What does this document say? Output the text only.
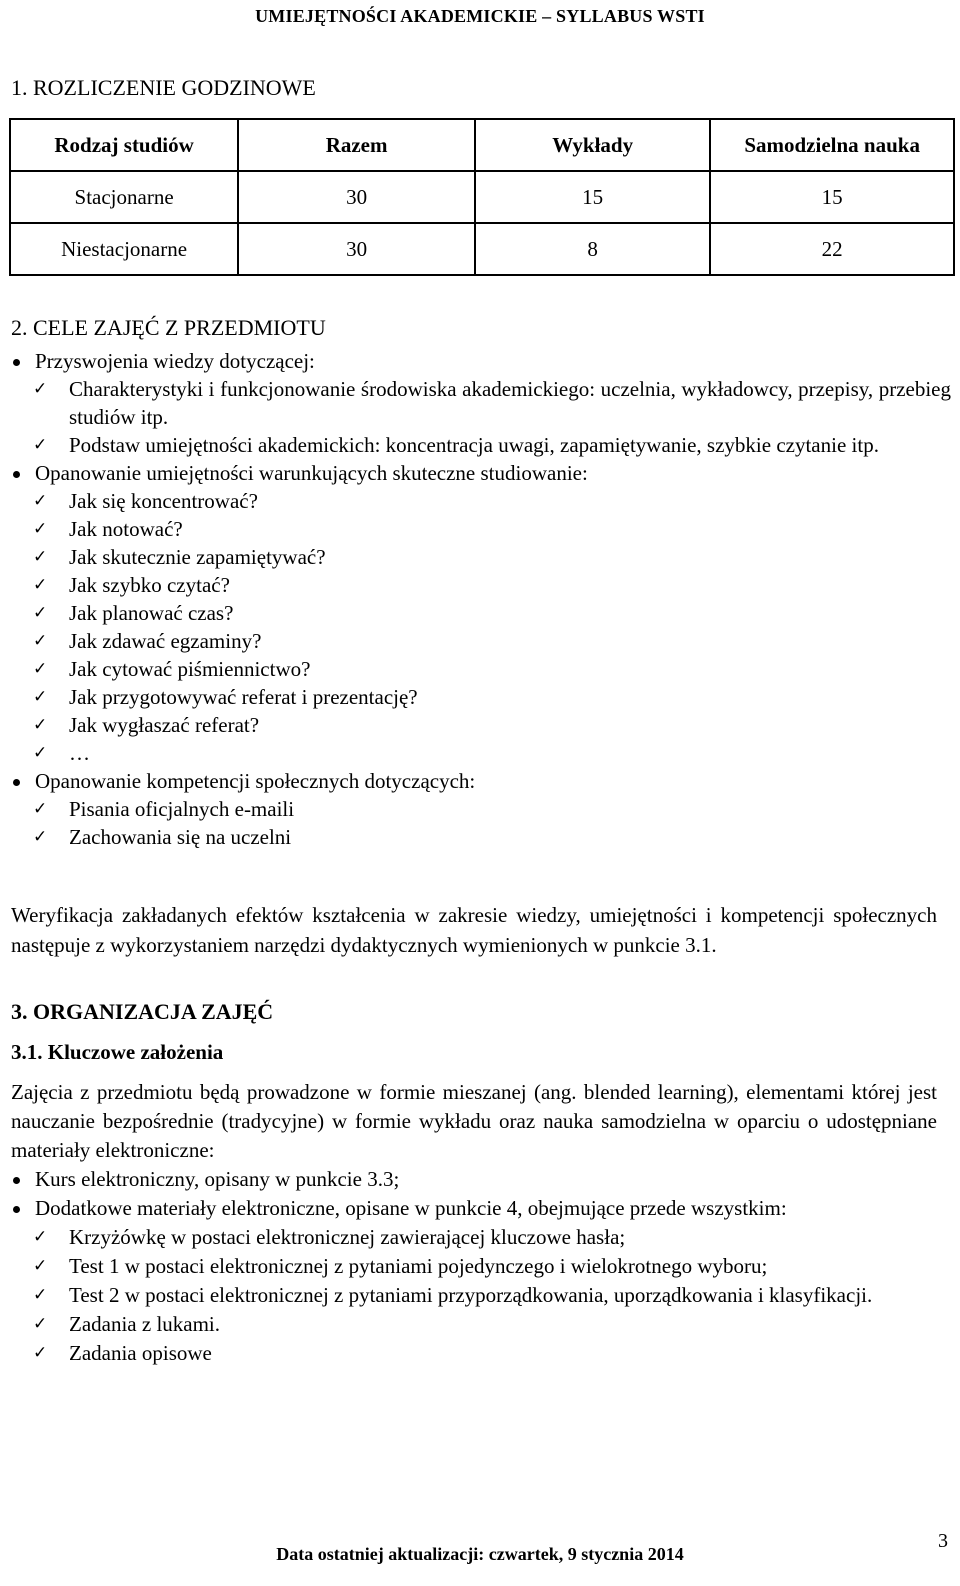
UMIEJĘTNOŚCI AKADEMICKIE – SYLLABUS WSTI
1. ROZLICZENIE GODZINOWE
Rodzaj studiów	Razem	Wykłady	Samodzielna nauka
Stacjonarne	30	15	15
Niestacjonarne	30	8	22
2. CELE ZAJĘĆ Z PRZEDMIOTU
Przyswojenia wiedzy dotyczącej:
✓ Charakterystyki i funkcjonowanie środowiska akademickiego: uczelnia, wykładowcy, przepisy, przebieg studiów itp.
✓ Podstaw umiejętności akademickich: koncentracja uwagi, zapamiętywanie, szybkie czytanie itp.
Opanowanie umiejętności warunkujących skuteczne studiowanie:
✓ Jak się koncentrować?
✓ Jak notować?
✓ Jak skutecznie zapamiętywać?
✓ Jak szybko czytać?
✓ Jak planować czas?
✓ Jak zdawać egzaminy?
✓ Jak cytować piśmiennictwo?
✓ Jak przygotowywać referat i prezentację?
✓ Jak wygłaszać referat?
✓ …
Opanowanie kompetencji społecznych dotyczących:
✓ Pisania oficjalnych e-maili
✓ Zachowania się na uczelni
Weryfikacja zakładanych efektów kształcenia w zakresie wiedzy, umiejętności i kompetencji społecznych następuje z wykorzystaniem narzędzi dydaktycznych wymienionych w punkcie 3.1.
3. ORGANIZACJA ZAJĘĆ
3.1. Kluczowe założenia

Zajęcia z przedmiotu będą prowadzone w formie mieszanej (ang. blended learning), elementami której jest nauczanie bezpośrednie (tradycyjne) w formie wykładu oraz nauka samodzielna w oparciu o udostępniane materiały elektroniczne:

Kurs elektroniczny, opisany w punkcie 3.3;
Dodatkowe materiały elektroniczne, opisane w punkcie 4, obejmujące przede wszystkim:
✓ Krzyżówkę w postaci elektronicznej zawierającej kluczowe hasła;
✓ Test 1 w postaci elektronicznej z pytaniami pojedynczego i wielokrotnego wyboru;
✓ Test 2 w postaci elektronicznej z pytaniami przyporządkowania, uporządkowania i klasyfikacji.
✓ Zadania z lukami.
✓ Zadania opisowe
Data ostatniej aktualizacji: czwartek, 9 stycznia 2014
3
